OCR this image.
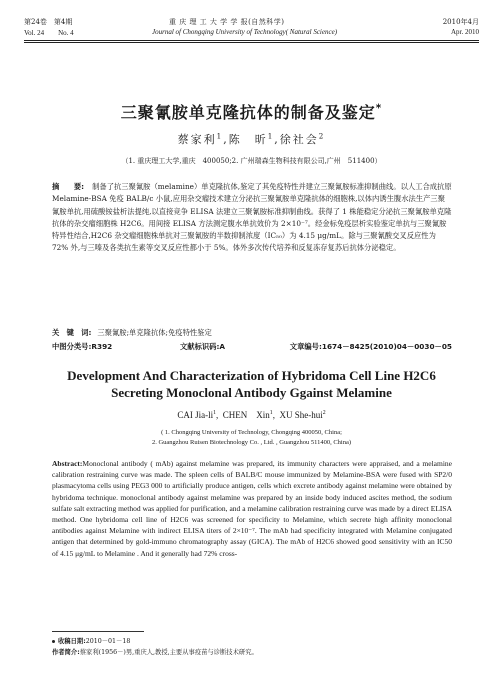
第24卷　第4期	重 庆 理 工 大 学 学 报(自然科学)	2010年4月
Vol. 24　　No. 4	Journal of Chongqing University of Technology( Natural Science)	Apr. 2010
三聚氰胺单克隆抗体的制备及鉴定*
蔡家利$^1$,陈　昕$^1$,徐社会$^2$
（1. 重庆理工大学,重庆　400050;2. 广州瑞森生物科技有限公司,广州　511400）
摘　　要: 制备了抗三聚氰胺（melamine）单克隆抗体,鉴定了其免疫特性并建立三聚氰胺标准抑制曲线。以人工合成抗原 Melamine-BSA 免疫 BALB/c 小鼠,应用杂交瘤技术建立分泌抗三聚氰胺单克隆抗体的细胞株,以体内诱生腹水法生产三聚氰胺单抗,用硫酸铵盐析法提纯,以直接竞争 ELISA 法建立三聚氰胺标准抑制曲线。获得了 1 株能稳定分泌抗三聚氰胺单克隆抗体的杂交瘤细胞株 H2C6。用间接 ELISA 方法测定腹水单抗效价为 2×10⁻⁷。经金标免疫层析实验鉴定单抗与三聚氰胺特异性结合,H2C6 杂交瘤细胞株单抗对三聚氰胺的半数抑制浓度（IC₅₀）为 4.15 μg/mL。除与三聚氰酸交叉反应性为 72% 外,与三嗪及各类抗生素等交叉反应性都小于 5%。体外多次传代培养和反复冻存复苏后抗体分泌稳定。
关　键　词: 三聚氰胺;单克隆抗体;免疫特性鉴定
中图分类号:R392	文献标识码:A	文章编号:1674－8425(2010)04－0030－05
Development And Characterization of Hybridoma Cell Line H2C6
Secreting Monoclonal Antibody Ggainst Melamine
CAI Jia-$li^1$,  CHEN　Xin$^1$,  XU She-hui$^2$
( 1. Chongqing University of Technology, Chongqing 400050, China;
2. Guangzhou Ruisen Biotechnology Co. , Ltd. , Guangzhou 511400, China)
Abstract:Monoclonal antibody ( mAb) against melamine was prepared, its immunity characters were appraised, and a melamine calibration restraining curve was made. The spleen cells of BALB/C mouse immunized by Melamine-BSA were fused with SP2/0 plasmacytoma cells using PEG3 000 to artificially produce antigen, cells which excrete antibody against melamine were obtained by hybridoma technique. monoclonal antibody against melamine was prepared by an inside body induced ascites method, the sodium sulfate salt extracting method was applied for purification, and a melamine calibration restraining curve was made by a direct ELISA method. One hybridoma cell line of H2C6 was screened for specificity to Melamine, which secrete high affinity monoclonal antibodies against Melamine with indirect ELISA titers of 2×10⁻⁷. The mAb had specificity integrated with Melamine conjugated antigen that determined by gold-immuno chromatography assay (GICA). The mAb of H2C6 showed good sensitivity with an IC50 of 4.15 μg/mL to Melamine . And it generally had 72% cross-
收稿日期:2010－01－18
作者简介:蔡家利(1956－)男,重庆人,教授,主要从事疫苗与诊断技术研究。
